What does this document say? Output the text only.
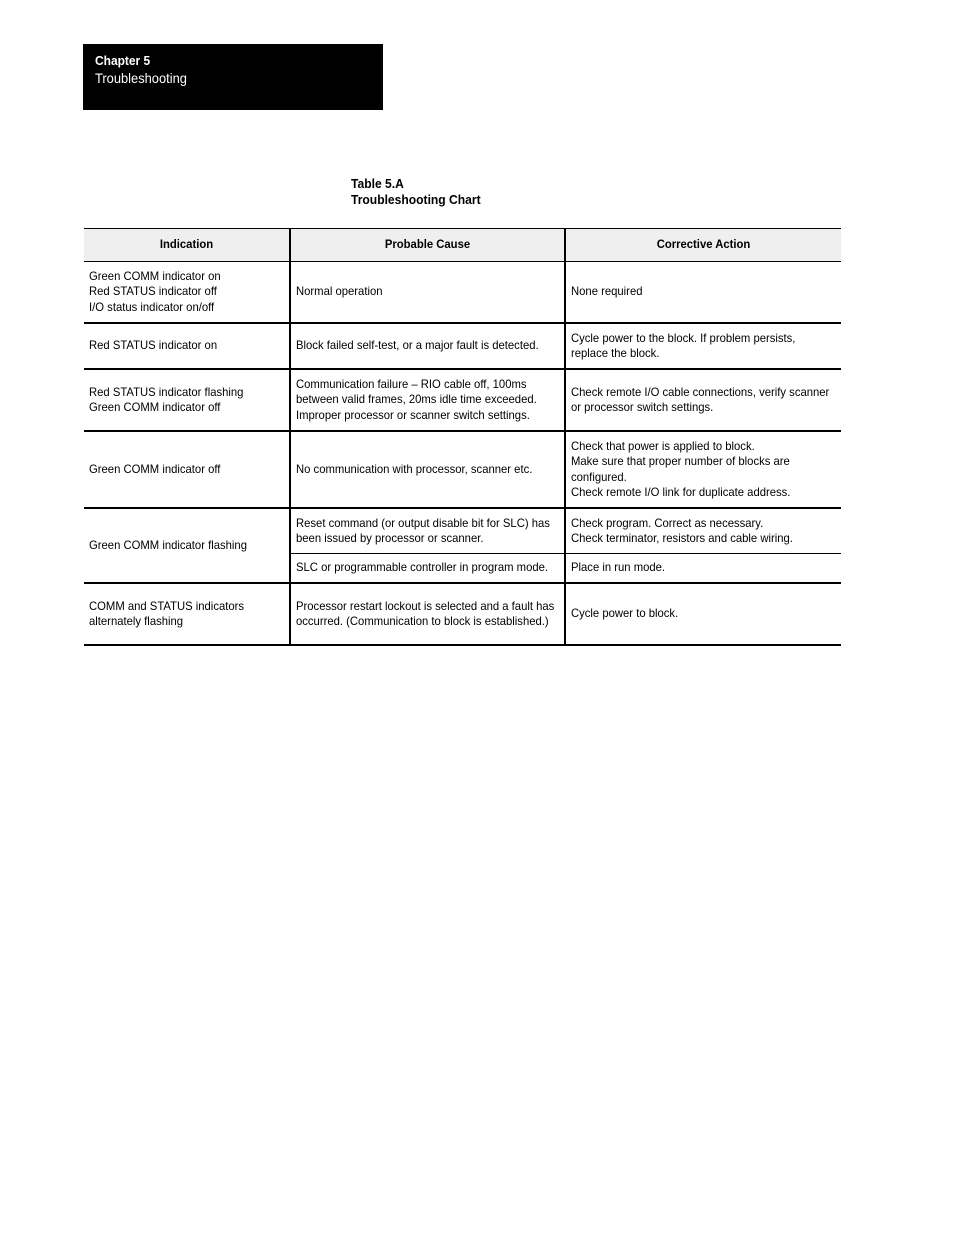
Chapter 5
Troubleshooting
Table 5.A
Troubleshooting Chart
Indication	Probable Cause	Corrective Action

Green COMM indicator on
Red STATUS indicator off
I/O status indicator on/off	Normal operation	None required

Red STATUS indicator on	Block failed self-test, or a major fault is detected.	Cycle power to the block. If problem persists, replace the block.

Red STATUS indicator flashing
Green COMM indicator off	Communication failure – RIO cable off, 100ms between valid frames, 20ms idle time exceeded. Improper processor or scanner switch settings.	Check remote I/O cable connections, verify scanner or processor switch settings.

Green COMM indicator off	No communication with processor, scanner etc.	Check that power is applied to block.
Make sure that proper number of blocks are configured.
Check remote I/O link for duplicate address.

Green COMM indicator flashing	Reset command (or output disable bit for SLC) has been issued by processor or scanner.	Check program. Correct as necessary.
Check terminator, resistors and cable wiring.

	SLC or programmable controller in program mode.	Place in run mode.

COMM and STATUS indicators alternately flashing	Processor restart lockout is selected and a fault has occurred. (Communication to block is established.)	Cycle power to block.
